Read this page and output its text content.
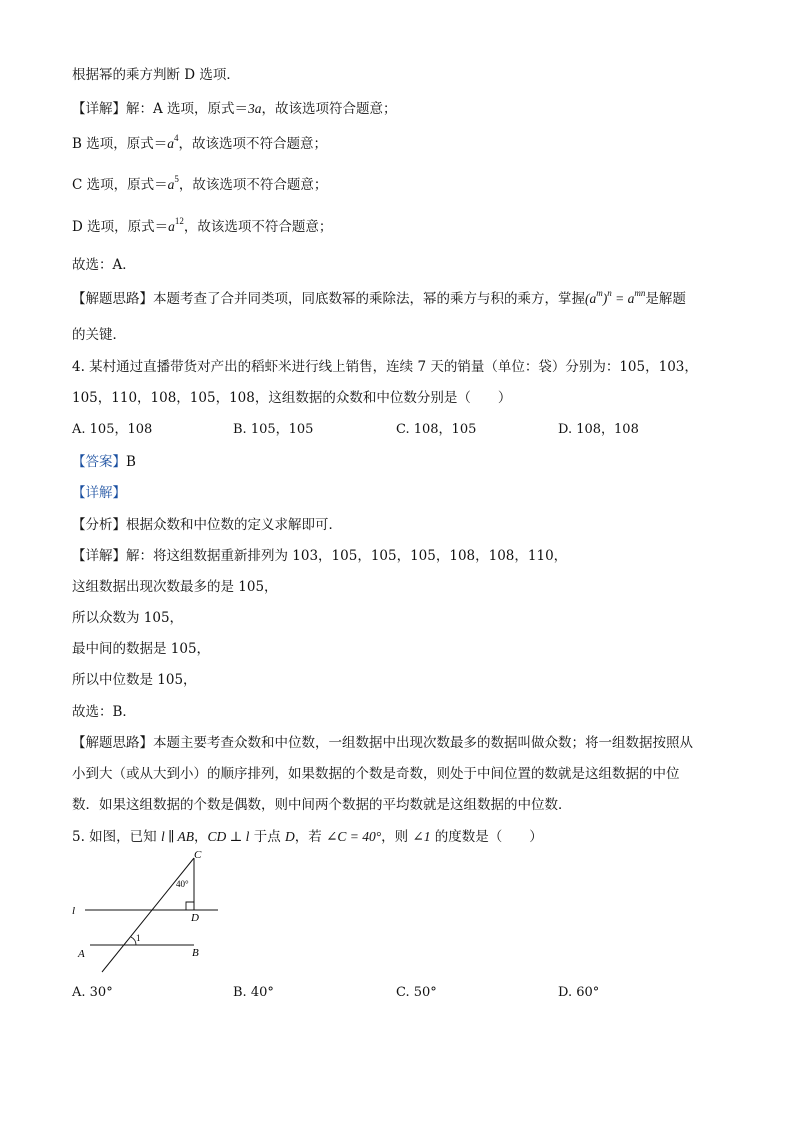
根据幂的乘方判断 D 选项．
【详解】解：A 选项，原式＝3a，故该选项符合题意；
B 选项，原式$=a^4$，故该选项不符合题意；
C 选项，原式$=a^5$，故该选项不符合题意；
D 选项，原式$=a^{12}$，故该选项不符合题意；
故选：A．
【解题思路】本题考查了合并同类项，同底数幂的乘除法，幂的乘方与积的乘方，掌握$(a^m)^n = a^{mn}$是解题
的关键．
4. 某村通过直播带货对产出的稻虾米进行线上销售，连续 7 天的销量（单位：袋）分别为：105，103，
105，110，108，105，108，这组数据的众数和中位数分别是（　　）
A. 105，108	B. 105，105	C. 108，105	D. 108，108
【答案】B
【详解】
【分析】根据众数和中位数的定义求解即可．
【详解】解：将这组数据重新排列为 103，105，105，105，108，108，110，
这组数据出现次数最多的是 105，
所以众数为 105，
最中间的数据是 105，
所以中位数是 105，
故选：B．
【解题思路】本题主要考查众数和中位数，一组数据中出现次数最多的数据叫做众数；将一组数据按照从
小到大（或从大到小）的顺序排列，如果数据的个数是奇数，则处于中间位置的数就是这组数据的中位
数．如果这组数据的个数是偶数，则中间两个数据的平均数就是这组数据的中位数．
5. 如图，已知 l ∥ AB，CD ⊥ l 于点 D，若 ∠C = 40°，则 ∠1 的度数是（　　）
C
40°
l
D
1
A	B
A. 30°	B. 40°	C. 50°	D. 60°
